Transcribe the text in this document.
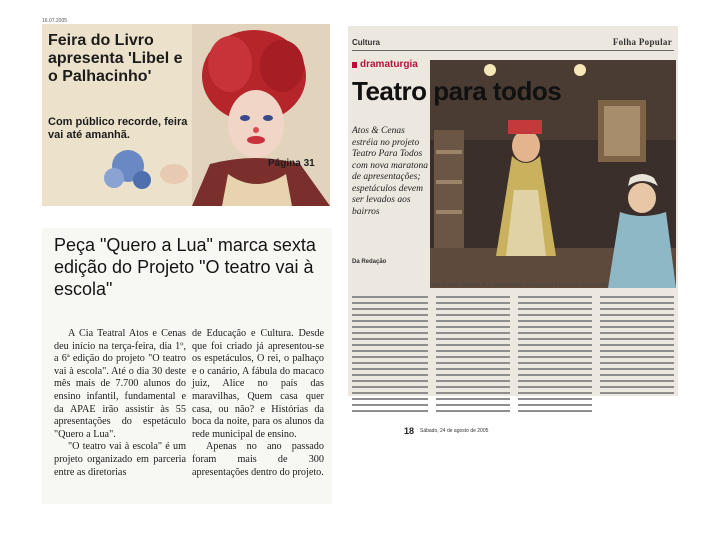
16.07.2005
Feira do Livro apresenta 'Libel e o Palhacinho'
Com público recorde, feira vai até amanhã.
Página 31
Cultura	Folha Popular
dramaturgia
Teatro para todos
Atos & Cenas estréia no projeto Teatro Para Todos com nova maratona de apresentações; espetáculos devem ser levados aos bairros
Da Redação
Cena de Peça: maratona de 10 apresentações do Grupo Atos & Cenas em apenas 3 dias
18 Sábado, 24 de agosto de 2005
Peça "Quero a Lua" marca sexta edição do Projeto "O teatro vai à escola"

A Cia Teatral Atos e Cenas deu início na terça-feira, dia 1º, a 6ª edição do projeto "O teatro vai à escola". Até o dia 30 deste mês mais de 7.700 alunos do ensino infantil, fundamental e da APAE irão assistir às 55 apresentações do espetáculo "Quero a Lua".

"O teatro vai à escola" é um projeto organizado em parceria entre as diretorias

de Educação e Cultura. Desde que foi criado já apresentou-se os espetáculos, O rei, o palhaço e o canário, A fábula do macaco juiz, Alice no país das maravilhas, Quem casa quer casa, ou não? e Histórias da boca da noite, para os alunos da rede municipal de ensino.

Apenas no ano passado foram mais de 300 apresentações dentro do projeto.
